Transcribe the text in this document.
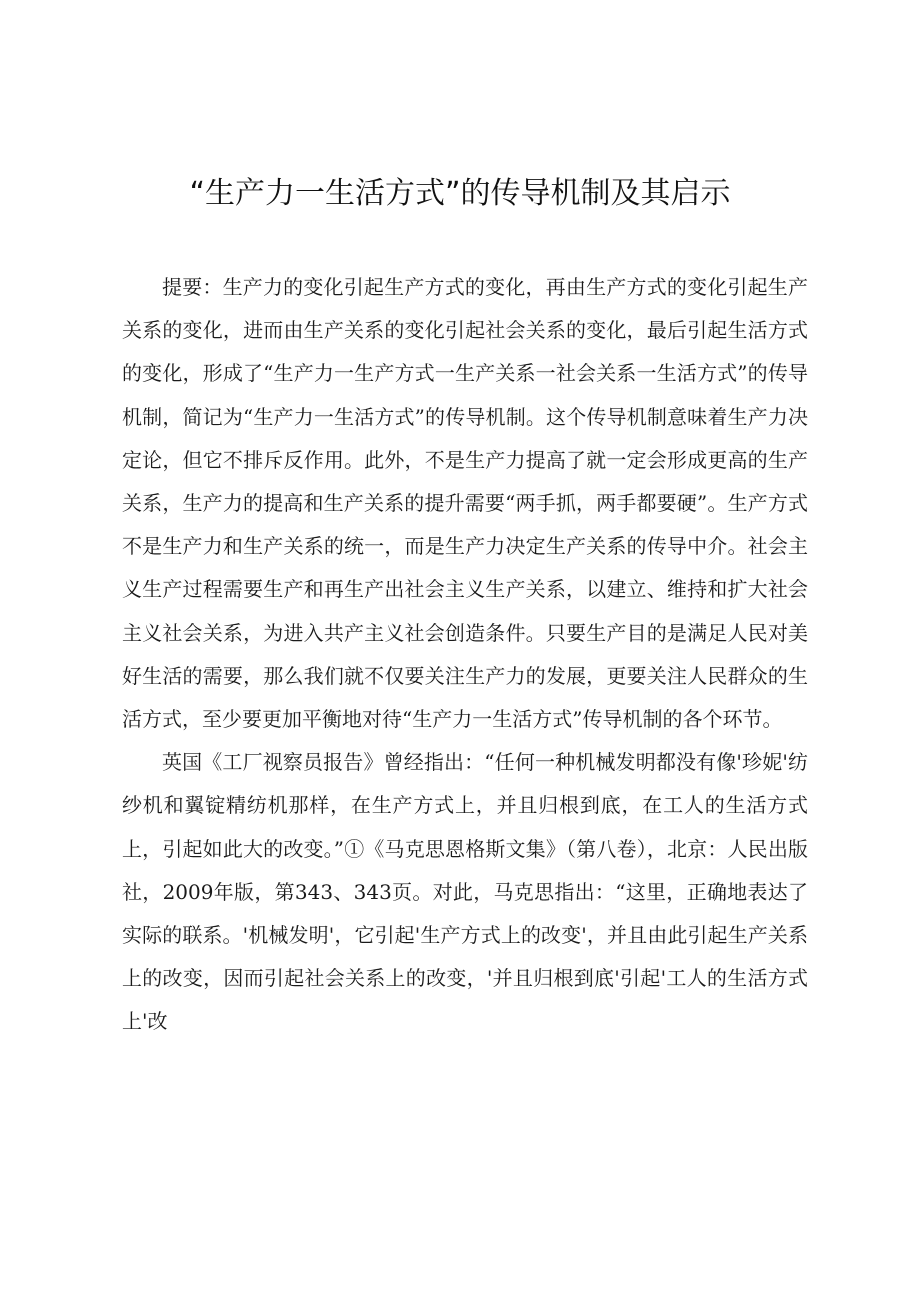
“生产力一生活方式”的传导机制及其启示

提要：生产力的变化引起生产方式的变化，再由生产方式的变化引起生产关系的变化，进而由生产关系的变化引起社会关系的变化，最后引起生活方式的变化，形成了“生产力一生产方式一生产关系一社会关系一生活方式”的传导机制，简记为“生产力一生活方式”的传导机制。这个传导机制意味着生产力决定论，但它不排斥反作用。此外，不是生产力提高了就一定会形成更高的生产关系，生产力的提高和生产关系的提升需要“两手抓，两手都要硬”。生产方式不是生产力和生产关系的统一，而是生产力决定生产关系的传导中介。社会主义生产过程需要生产和再生产出社会主义生产关系，以建立、维持和扩大社会主义社会关系，为进入共产主义社会创造条件。只要生产目的是满足人民对美好生活的需要，那么我们就不仅要关注生产力的发展，更要关注人民群众的生活方式，至少要更加平衡地对待“生产力一生活方式”传导机制的各个环节。

英国《工厂视察员报告》曾经指出：“任何一种机械发明都没有像'珍妮'纺纱机和翼锭精纺机那样，在生产方式上，并且归根到底，在工人的生活方式上，引起如此大的改变。”①《马克思恩格斯文集》（第八卷），北京：人民出版社，2009年版，第343、343页。对此，马克思指出：“这里，正确地表达了实际的联系。'机械发明'，它引起'生产方式上的改变'，并且由此引起生产关系上的改变，因而引起社会关系上的改变，'并且归根到底'引起'工人的生活方式上'改
